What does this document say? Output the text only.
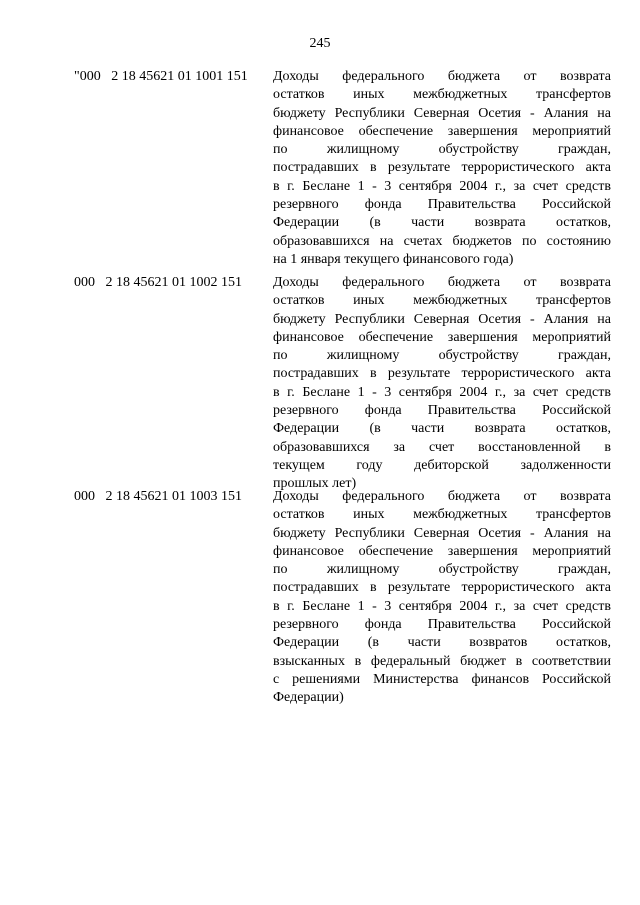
245
"000   2 18 45621 01 1001 151 Доходы федерального бюджета от возврата
остатков иных межбюджетных трансфертов
бюджету Республики Северная Осетия - Алания на
финансовое обеспечение завершения мероприятий
по жилищному обустройству граждан,
пострадавших в результате террористического акта
в г. Беслане 1 - 3 сентября 2004 г., за счет средств
резервного фонда Правительства Российской
Федерации (в части возврата остатков,
образовавшихся на счетах бюджетов по состоянию
на 1 января текущего финансового года)
000   2 18 45621 01 1002 151 Доходы федерального бюджета от возврата
остатков иных межбюджетных трансфертов
бюджету Республики Северная Осетия - Алания на
финансовое обеспечение завершения мероприятий
по жилищному обустройству граждан,
пострадавших в результате террористического акта
в г. Беслане 1 - 3 сентября 2004 г., за счет средств
резервного фонда Правительства Российской
Федерации (в части возврата остатков,
образовавшихся за счет восстановленной в
текущем году дебиторской задолженности
прошлых лет)
000   2 18 45621 01 1003 151 Доходы федерального бюджета от возврата
остатков иных межбюджетных трансфертов
бюджету Республики Северная Осетия - Алания на
финансовое обеспечение завершения мероприятий
по жилищному обустройству граждан,
пострадавших в результате террористического акта
в г. Беслане 1 - 3 сентября 2004 г., за счет средств
резервного фонда Правительства Российской
Федерации (в части возвратов остатков,
взысканных в федеральный бюджет в соответствии
с решениями Министерства финансов Российской
Федерации)
